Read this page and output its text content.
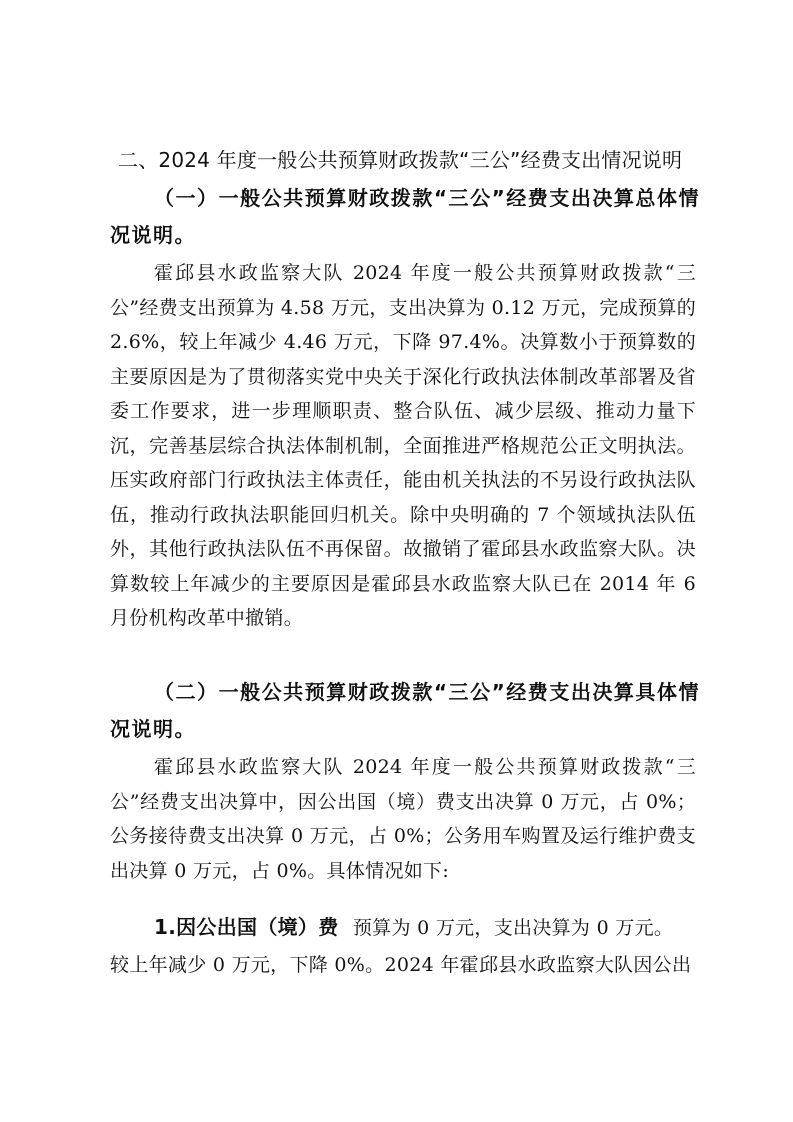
二、2024 年度一般公共预算财政拨款“三公”经费支出情况说明
（一）一般公共预算财政拨款“三公”经费支出决算总体情况说明。
霍邱县水政监察大队 2024 年度一般公共预算财政拨款“三公”经费支出预算为 4.58 万元，支出决算为 0.12 万元，完成预算的 2.6%，较上年减少 4.46 万元，下降 97.4%。决算数小于预算数的主要原因是为了贯彻落实党中央关于深化行政执法体制改革部署及省委工作要求，进一步理顺职责、整合队伍、减少层级、推动力量下沉，完善基层综合执法体制机制，全面推进严格规范公正文明执法。压实政府部门行政执法主体责任，能由机关执法的不另设行政执法队伍，推动行政执法职能回归机关。除中央明确的 7 个领域执法队伍外，其他行政执法队伍不再保留。故撤销了霍邱县水政监察大队。决算数较上年减少的主要原因是霍邱县水政监察大队已在 2014 年 6 月份机构改革中撤销。
（二）一般公共预算财政拨款“三公”经费支出决算具体情况说明。
霍邱县水政监察大队 2024 年度一般公共预算财政拨款“三公”经费支出决算中，因公出国（境）费支出决算 0 万元，占 0%；公务接待费支出决算 0 万元，占 0%；公务用车购置及运行维护费支出决算 0 万元，占 0%。具体情况如下:
1.因公出国（境）费 预算为 0 万元，支出决算为 0 万元。
较上年减少 0 万元，下降 0%。2024 年霍邱县水政监察大队因公出
